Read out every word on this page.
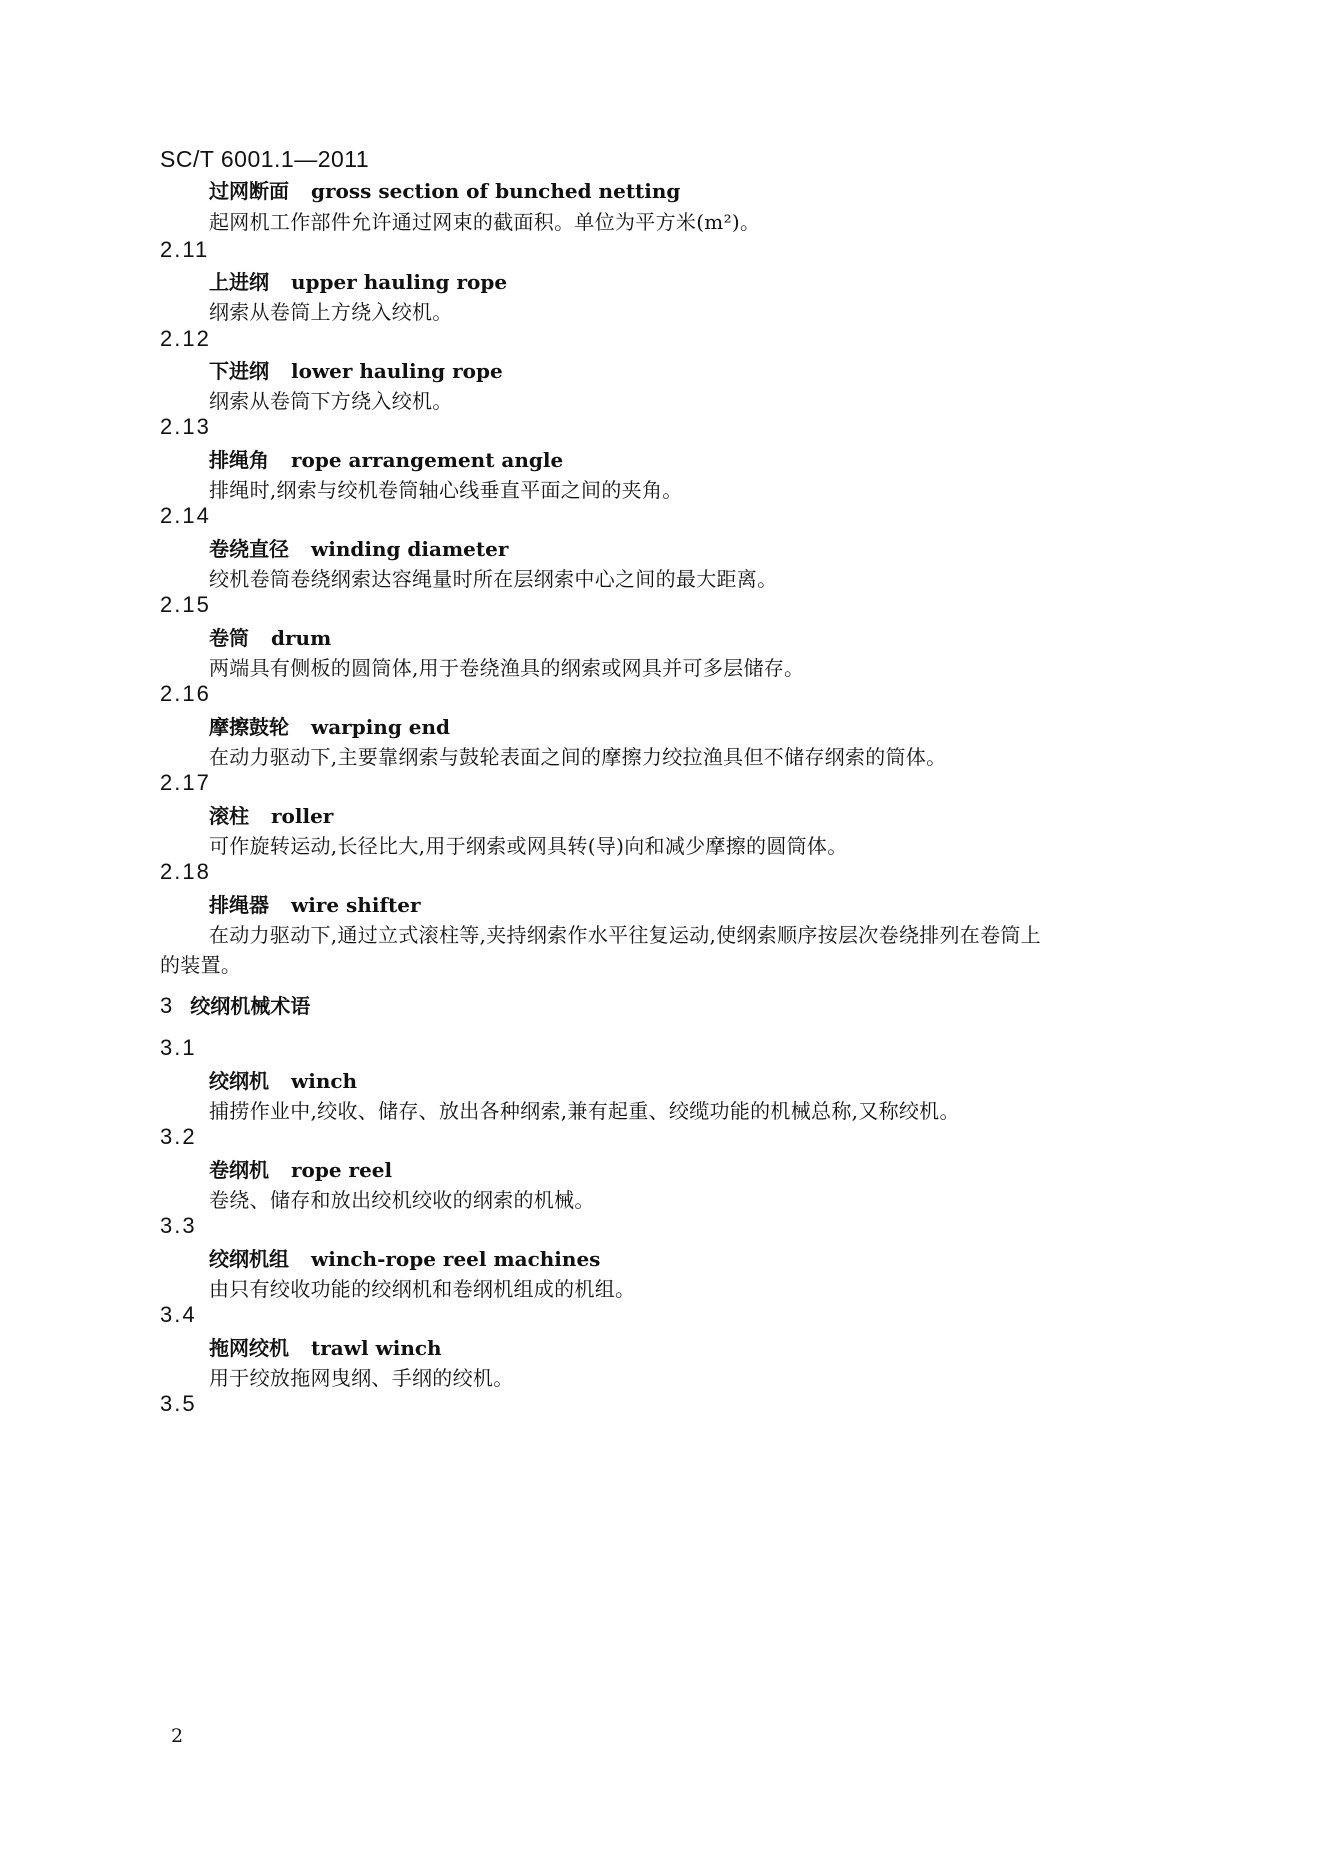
SC/T 6001.1—2011
过网断面 gross section of bunched netting
起网机工作部件允许通过网束的截面积。单位为平方米(m²)。
2.11
上进纲 upper hauling rope
纲索从卷筒上方绕入绞机。
2.12
下进纲 lower hauling rope
纲索从卷筒下方绕入绞机。
2.13
排绳角 rope arrangement angle
排绳时,纲索与绞机卷筒轴心线垂直平面之间的夹角。
2.14
卷绕直径 winding diameter
绞机卷筒卷绕纲索达容绳量时所在层纲索中心之间的最大距离。
2.15
卷筒 drum
两端具有侧板的圆筒体,用于卷绕渔具的纲索或网具并可多层储存。
2.16
摩擦鼓轮 warping end
在动力驱动下,主要靠纲索与鼓轮表面之间的摩擦力绞拉渔具但不储存纲索的筒体。
2.17
滚柱 roller
可作旋转运动,长径比大,用于纲索或网具转(导)向和减少摩擦的圆筒体。
2.18
排绳器 wire shifter
在动力驱动下,通过立式滚柱等,夹持纲索作水平往复运动,使纲索顺序按层次卷绕排列在卷筒上
的装置。
3 绞纲机械术语
3.1
绞纲机 winch
捕捞作业中,绞收、储存、放出各种纲索,兼有起重、绞缆功能的机械总称,又称绞机。
3.2
卷纲机 rope reel
卷绕、储存和放出绞机绞收的纲索的机械。
3.3
绞纲机组 winch-rope reel machines
由只有绞收功能的绞纲机和卷纲机组成的机组。
3.4
拖网绞机 trawl winch
用于绞放拖网曳纲、手纲的绞机。
3.5
2
